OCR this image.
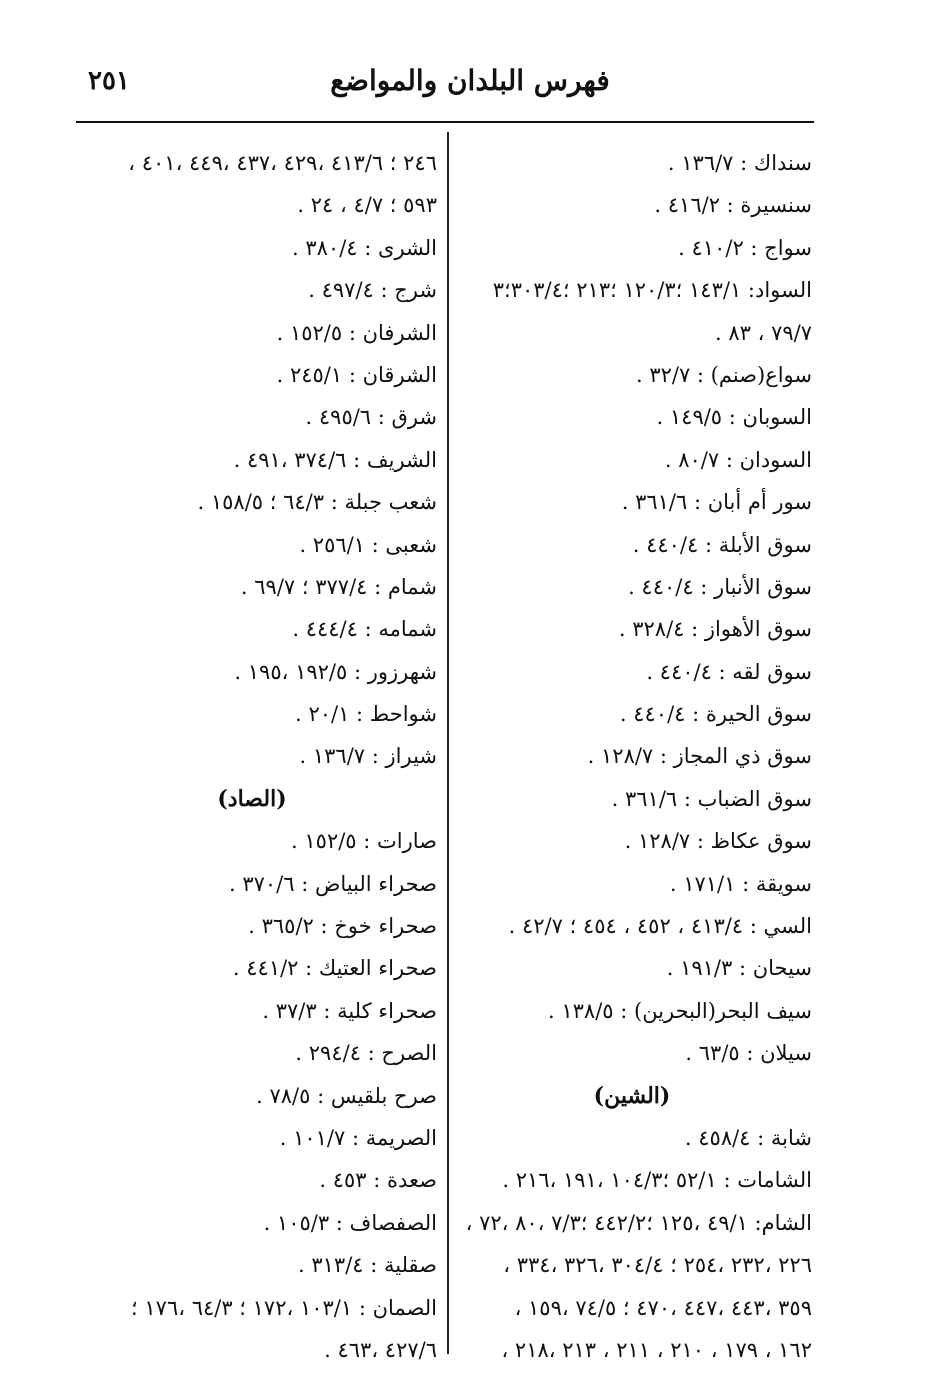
٢٥١	فهرس البلدان والمواضع
سنداك : ١٣٦/٧ .
سنسيرة : ٤١٦/٢ .
سواج : ٤١٠/٢ .
السواد: ١٤٣/١ ؛١٢٠/٣ ؛٢١٣ ؛٣٠٣/٤؛٣
٧٩/٧ ، ٨٣ .
سواع(صنم) : ٣٢/٧ .
السوبان : ١٤٩/٥ .
السودان : ٨٠/٧ .
سور أم أبان : ٣٦١/٦ .
سوق الأبلة : ٤٤٠/٤ .
سوق الأنبار : ٤٤٠/٤ .
سوق الأهواز : ٣٢٨/٤ .
سوق لقه : ٤٤٠/٤ .
سوق الحيرة : ٤٤٠/٤ .
سوق ذي المجاز : ١٢٨/٧ .
سوق الضباب : ٣٦١/٦ .
سوق عكاظ : ١٢٨/٧ .
سويقة : ١٧١/١ .
السي : ٤١٣/٤ ، ٤٥٢ ، ٤٥٤ ؛ ٤٢/٧ .
سيحان : ١٩١/٣ .
سيف البحر(البحرين) : ١٣٨/٥ .
سيلان : ٦٣/٥ .
(الشين)
شابة : ٤٥٨/٤ .
الشامات : ٥٢/١ ؛١٠٤/٣ ،١٩١ ،٢١٦ .
الشام: ٤٩/١ ،١٢٥ ؛٤٤٢/٢ ؛٧/٣ ،٨٠ ،٧٢ ،
٢٢٦ ،٢٣٢ ،٢٥٤ ؛ ٣٠٤/٤ ،٣٢٦ ،٣٣٤ ،
٣٥٩ ،٤٤٣ ،٤٤٧ ،٤٧٠ ؛ ٧٤/٥ ،١٥٩ ،
١٦٢ ، ١٧٩ ، ٢١٠ ، ٢١١ ، ٢١٣ ،٢١٨ ،
٢٤٦ ؛ ٤١٣/٦ ،٤٢٩ ،٤٣٧ ،٤٤٩ ،٤٠١ ،
٥٩٣ ؛ ٤/٧ ، ٢٤ .
الشرى : ٣٨٠/٤ .
شرج : ٤٩٧/٤ .
الشرفان : ١٥٢/٥ .
الشرقان : ٢٤٥/١ .
شرق : ٤٩٥/٦ .
الشريف : ٣٧٤/٦ ،٤٩١ .
شعب جبلة : ٦٤/٣ ؛ ١٥٨/٥ .
شعبى : ٢٥٦/١ .
شمام : ٣٧٧/٤ ؛ ٦٩/٧ .
شمامه : ٤٤٤/٤ .
شهرزور : ١٩٢/٥ ،١٩٥ .
شواحط : ٢٠/١ .
شيراز : ١٣٦/٧ .
(الصاد)
صارات : ١٥٢/٥ .
صحراء البياض : ٣٧٠/٦ .
صحراء خوخ : ٣٦٥/٢ .
صحراء العتيك : ٤٤١/٢ .
صحراء كلية : ٣٧/٣ .
الصرح : ٢٩٤/٤ .
صرح بلقيس : ٧٨/٥ .
الصريمة : ١٠١/٧ .
صعدة : ٤٥٣ .
الصفصاف : ١٠٥/٣ .
صقلية : ٣١٣/٤ .
الصمان : ١٠٣/١ ،١٧٢ ؛ ٦٤/٣ ،١٧٦ ؛
٤٢٧/٦ ،٤٦٣ .
